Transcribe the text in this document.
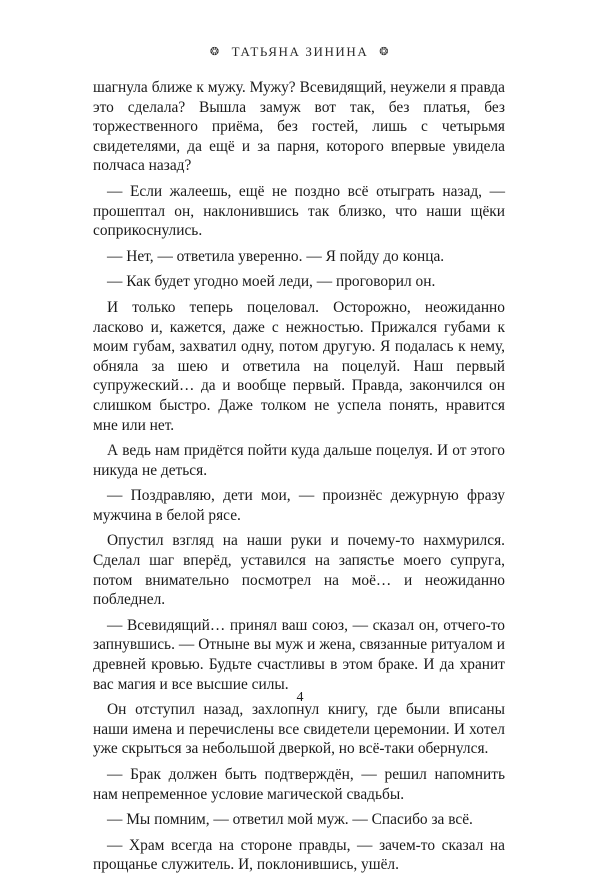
❂ ТАТЬЯНА ЗИНИНА ❂

шагнула ближе к мужу. Мужу? Всевидящий, неужели я правда это сделала? Вышла замуж вот так, без платья, без торжественного приёма, без гостей, лишь с четырьмя свидетелями, да ещё и за парня, которого впервые увидела полчаса назад?

— Если жалеешь, ещё не поздно всё отыграть назад, — прошептал он, наклонившись так близко, что наши щёки соприкоснулись.

— Нет, — ответила уверенно. — Я пойду до конца.

— Как будет угодно моей леди, — проговорил он.

И только теперь поцеловал. Осторожно, неожиданно ласково и, кажется, даже с нежностью. Прижался губами к моим губам, захватил одну, потом другую. Я подалась к нему, обняла за шею и ответила на поцелуй. Наш первый супружеский… да и вообще первый. Правда, закончился он слишком быстро. Даже толком не успела понять, нравится мне или нет.

А ведь нам придётся пойти куда дальше поцелуя. И от этого никуда не деться.

— Поздравляю, дети мои, — произнёс дежурную фразу мужчина в белой рясе.

Опустил взгляд на наши руки и почему-то нахмурился. Сделал шаг вперёд, уставился на запястье моего супруга, потом внимательно посмотрел на моё… и неожиданно побледнел.

— Всевидящий… принял ваш союз, — сказал он, отчего-то запнувшись. — Отныне вы муж и жена, связанные ритуалом и древней кровью. Будьте счастливы в этом браке. И да хранит вас магия и все высшие силы.

Он отступил назад, захлопнул книгу, где были вписаны наши имена и перечислены все свидетели церемонии. И хотел уже скрыться за небольшой дверкой, но всё-таки обернулся.

— Брак должен быть подтверждён, — решил напомнить нам непременное условие магической свадьбы.

— Мы помним, — ответил мой муж. — Спасибо за всё.

— Храм всегда на стороне правды, — зачем-то сказал на прощанье служитель. И, поклонившись, ушёл.

4
